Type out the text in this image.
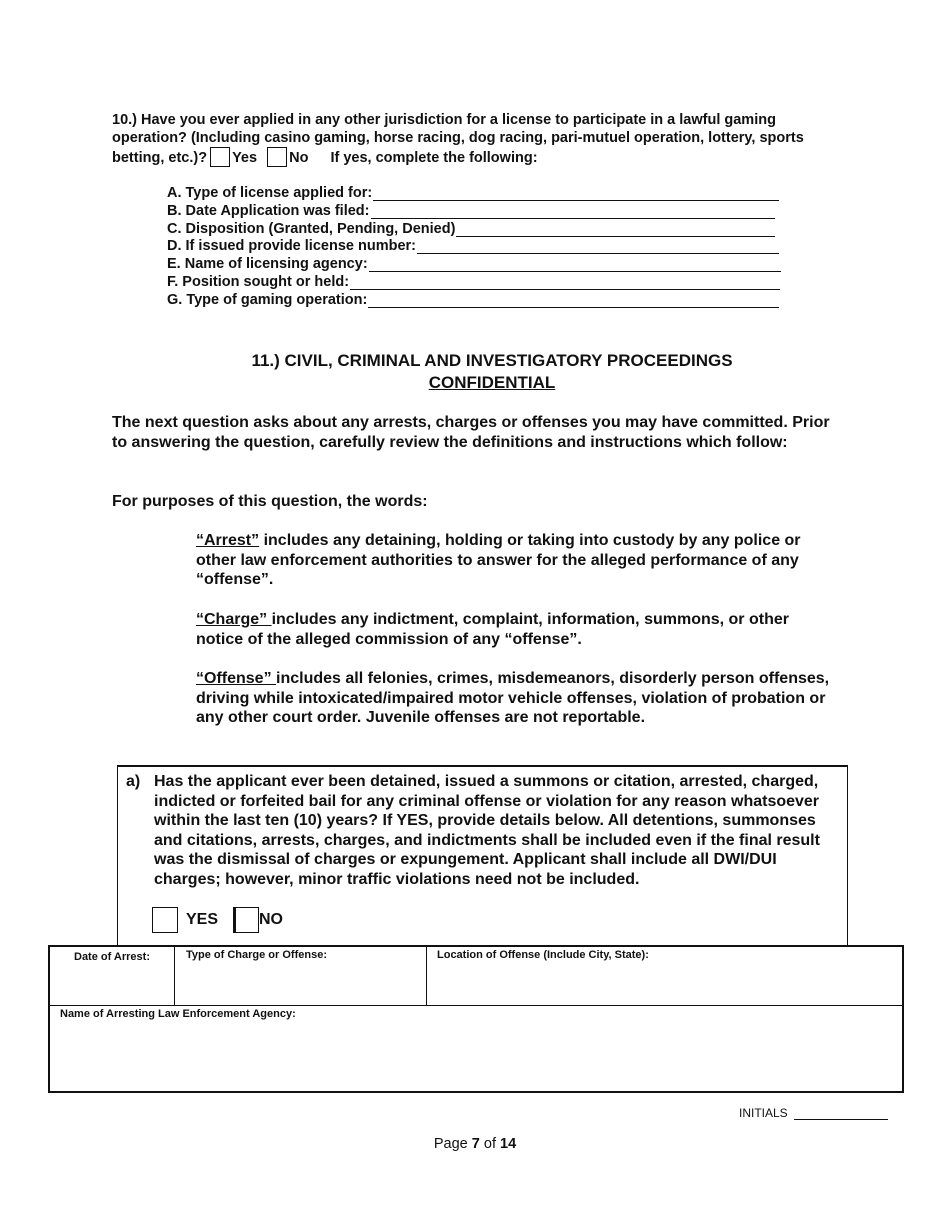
10.) Have you ever applied in any other jurisdiction for a license to participate in a lawful gaming operation? (Including casino gaming, horse racing, dog racing, pari-mutuel operation, lottery, sports betting, etc.)? Yes No If yes, complete the following:
A. Type of license applied for:
B. Date Application was filed:
C. Disposition (Granted, Pending, Denied)
D. If issued provide license number:
E. Name of licensing agency:
F. Position sought or held:
G. Type of gaming operation:
11.) CIVIL, CRIMINAL AND INVESTIGATORY PROCEEDINGS
CONFIDENTIAL
The next question asks about any arrests, charges or offenses you may have committed. Prior to answering the question, carefully review the definitions and instructions which follow:
For purposes of this question, the words:
“Arrest” includes any detaining, holding or taking into custody by any police or other law enforcement authorities to answer for the alleged performance of any “offense”.
“Charge” includes any indictment, complaint, information, summons, or other notice of the alleged commission of any “offense”.
“Offense” includes all felonies, crimes, misdemeanors, disorderly person offenses, driving while intoxicated/impaired motor vehicle offenses, violation of probation or any other court order. Juvenile offenses are not reportable.
a) Has the applicant ever been detained, issued a summons or citation, arrested, charged, indicted or forfeited bail for any criminal offense or violation for any reason whatsoever within the last ten (10) years? If YES, provide details below. All detentions, summonses and citations, arrests, charges, and indictments shall be included even if the final result was the dismissal of charges or expungement. Applicant shall include all DWI/DUI charges; however, minor traffic violations need not be included.
YES	NO
Date of Arrest:	Type of Charge or Offense:	Location of Offense (Include City, State):
Name of Arresting Law Enforcement Agency:
INITIALS
Page 7 of 14
